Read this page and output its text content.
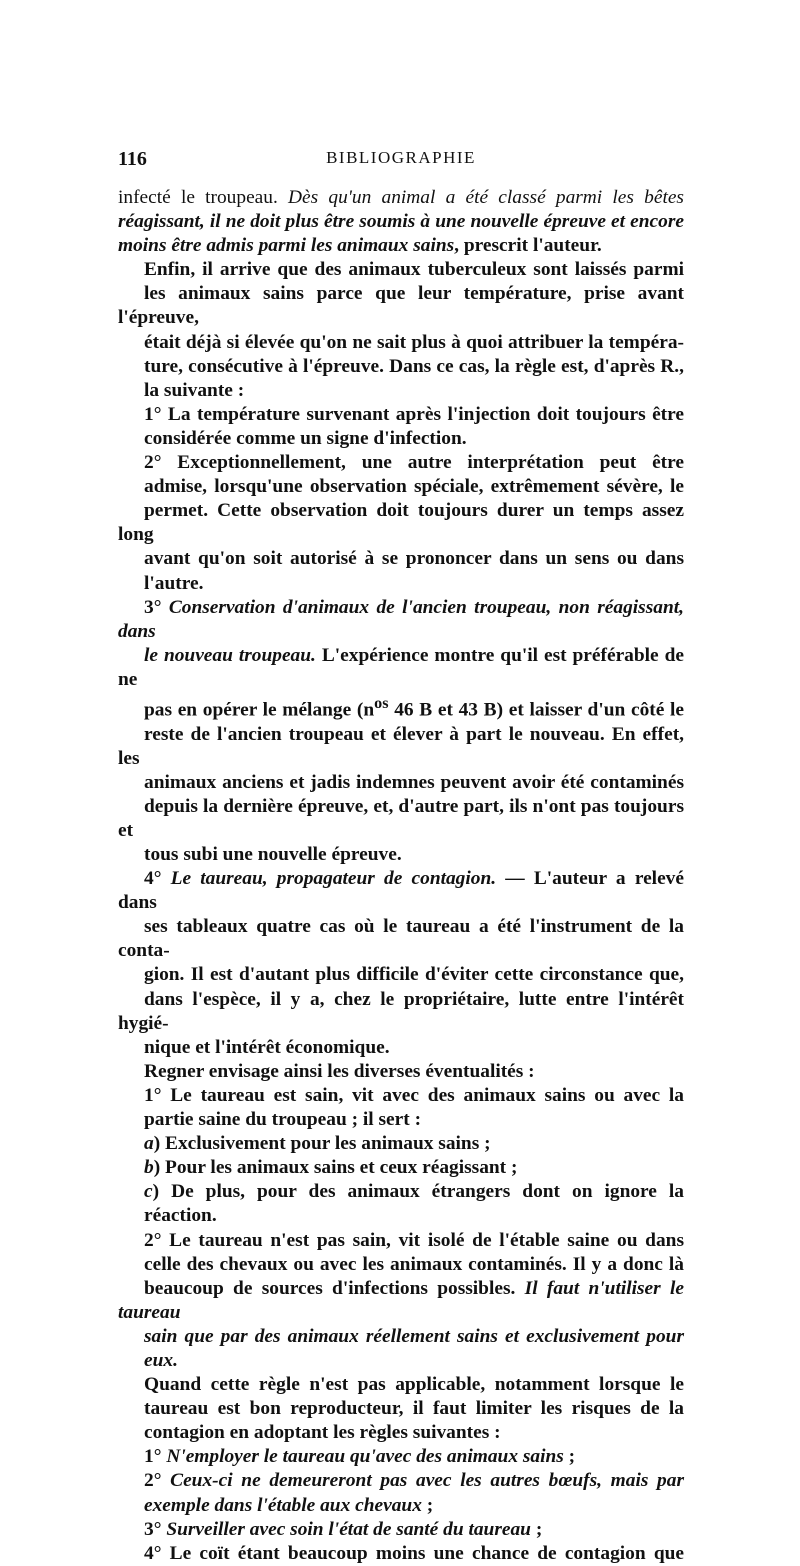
116	BIBLIOGRAPHIE

infecté le troupeau. Dès qu'un animal a été classé parmi les bêtes
réagissant, il ne doit plus être soumis à une nouvelle épreuve et encore
moins être admis parmi les animaux sains, prescrit l'auteur.

Enfin, il arrive que des animaux tuberculeux sont laissés parmi
les animaux sains parce que leur température, prise avant l'épreuve,
était déjà si élevée qu'on ne sait plus à quoi attribuer la tempéra-
ture, consécutive à l'épreuve. Dans ce cas, la règle est, d'après R.,
la suivante :

1° La température survenant après l'injection doit toujours être
considérée comme un signe d'infection.

2° Exceptionnellement, une autre interprétation peut être
admise, lorsqu'une observation spéciale, extrêmement sévère, le
permet. Cette observation doit toujours durer un temps assez long
avant qu'on soit autorisé à se prononcer dans un sens ou dans
l'autre.

3° Conservation d'animaux de l'ancien troupeau, non réagissant, dans
le nouveau troupeau. L'expérience montre qu'il est préférable de ne
pas en opérer le mélange ($n^{os}$ 46 B et 43 B) et laisser d'un côté le
reste de l'ancien troupeau et élever à part le nouveau. En effet, les
animaux anciens et jadis indemnes peuvent avoir été contaminés
depuis la dernière épreuve, et, d'autre part, ils n'ont pas toujours et
tous subi une nouvelle épreuve.

4° Le taureau, propagateur de contagion. — L'auteur a relevé dans
ses tableaux quatre cas où le taureau a été l'instrument de la conta-
gion. Il est d'autant plus difficile d'éviter cette circonstance que,
dans l'espèce, il y a, chez le propriétaire, lutte entre l'intérêt hygié-
nique et l'intérêt économique.

Regner envisage ainsi les diverses éventualités :

1° Le taureau est sain, vit avec des animaux sains ou avec la
partie saine du troupeau ; il sert :

a) Exclusivement pour les animaux sains ;

b) Pour les animaux sains et ceux réagissant ;

c) De plus, pour des animaux étrangers dont on ignore la
réaction.

2° Le taureau n'est pas sain, vit isolé de l'étable saine ou dans
celle des chevaux ou avec les animaux contaminés. Il y a donc là
beaucoup de sources d'infections possibles. Il faut n'utiliser le taureau
sain que par des animaux réellement sains et exclusivement pour
eux.

Quand cette règle n'est pas applicable, notamment lorsque le
taureau est bon reproducteur, il faut limiter les risques de la
contagion en adoptant les règles suivantes :

1° N'employer le taureau qu'avec des animaux sains ;

2° Ceux-ci ne demeureront pas avec les autres bœufs, mais par
exemple dans l'étable aux chevaux ;

3° Surveiller avec soin l'état de santé du taureau ;

4° Le coït étant beaucoup moins une chance de contagion que
